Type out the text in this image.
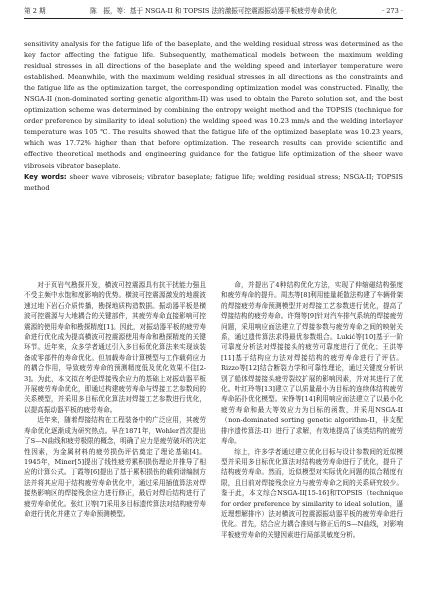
第 2 期	陈　振，等：基于 NSGA-II 和 TOPSIS 法的激振可控震源振动器平板疲劳寿命优化	· 273 ·
sensitivity analysis for the fatigue life of the baseplate, and the welding residual stress was determined as the key factor affecting the fatigue life. Subsequently, mathematical models between the maximum welding residual stresses in all directions of the baseplate and the welding speed and interlayer temperature were established. Meanwhile, with the maximum welding residual stresses in all directions as the constraints and the fatigue life as the optimization target, the corresponding optimization model was constructed. Finally, the NSGA-II (non-dominated sorting genetic algorithm-II) was used to obtain the Pareto solution set, and the best optimization scheme was determined by combining the entropy weight method and the TOPSIS (technique for order preference by similarity to ideal solution) the welding speed was 10.23 mm/s and the welding interlayer temperature was 105 ℃. The results showed that the fatigue life of the optimized baseplate was 10.23 years, which was 17.72% higher than that before optimization. The research results can provide scientific and effective theoretical methods and engineering guidance for the fatigue life optimization of the sheer wave vibroseis vibrator baseplate.
Key words: sheer wave vibroseis; vibrator baseplate; fatigue life; welding residual stress; NSGA-II; TOPSIS method

对于页岩气勘探开发，横波可控震源具有抗干扰能力强且不受主频中水饱和度影响的优势。横波可控震源激发的地震波速过地下岩石介质传播，勘探地质构造数据。振动器平板是横波可控震源与大地耦合的关键部件，其疲劳寿命直接影响可控震源的使用寿命和勘探精度[1]。因此，对振动器平板的疲劳寿命进行优化成为提高横波可控震源使用寿命和勘探精度的关键环节。近年来，众多学者通过引入多目标优化算法来实现该装备或零部件的寿命优化。但加载寿命计算模型与工作载荷应力的耦合作用，导致疲劳寿命的预测精度低及优化效果不佳[2-3]。为此，本文拟在考虑焊接残余应力的基础上对振动器平板开展疲劳寿命优化，即通过构建疲劳寿命与焊接工艺参数间的关系模型，并采用多目标优化算法对焊接工艺参数进行优化，以提高振动器平板的疲劳寿命。

近年来，随着焊接结构在工程装备中的广泛应用，其疲劳寿命优化逐渐成为研究热点。早在1871年，Wohler首次提出了S—N曲线和疲劳极限的概念，明确了应力是疲劳破坏的决定性因素，为金属材料的疲劳损伤评估奠定了理论基础[4]。1945年，Miner[5]提出了线性疲劳累积损伤理论并推导了相应的计算公式。丁霞等[6]提出了基于累积损伤的载荷谱编制方法并将其应用于结构疲劳寿命优化中，通过采用插值算法对焊接热影响区的焊接残余应力进行修正，最后对焊后结构进行了疲劳寿命优化。张红卫等[7]采用多目标遗传算法对结构疲劳寿命进行优化并建立了寿命预测模型。

命，并提出了4种结构优化方法，实现了伸缩磁结构强度和疲劳寿命的提升。周杰等[8]利用能量耗散法构建了车辆骨架的焊接疲劳寿命预测模型并对焊接工艺参数进行优化，提高了焊接结构的疲劳寿命。许翔等[9]针对汽车排气系统的焊接疲劳问题，采用响应面法建立了焊接参数与疲劳寿命之间的映射关系，通过遗传算法求得最优参数组合。Lukić等[10]基于一阶可靠度分析法对焊接接头的疲劳可靠度进行了优化；王洪等[11]基于结构应力法对焊接结构的疲劳寿命进行了评估。Rizzo等[12]结合断裂力学和可靠性理论，通过关键度分析识别了船体焊接接头疲劳裂纹扩展的影响因素，并对其进行了优化。叶红玲等[13]建立了以质量最小为目标的连续体结构疲劳寿命拓扑优化模型。宋铮等[14]利用响应面法建立了以最小化疲劳寿命和最大等效应力为目标的函数，并采用NSGA-II（non-dominated sorting genetic algorithm-II，非支配排序遗传算法-II）进行了求解，有效地提高了该类结构的疲劳寿命。

综上，许多学者通过建立优化目标与设计参数间的近似模型并采用多目标优化算法对结构疲劳寿命进行了优化，提升了结构疲劳寿命。然而，近似模型对实际优化问题的拟合精度有限，且目前对焊接残余应力与疲劳寿命之间的关系研究较少。鉴于此，本文综合NSGA-II[15-16]和TOPSIS（technique for order preference by similarity to ideal solution，逼近理想解排序）法对横波可控震源振动器平板的疲劳寿命进行优化。首先，结合应力耦合准则与修正后的S—N曲线，对影响平板疲劳寿命的关键因素进行局部灵敏度分析。
